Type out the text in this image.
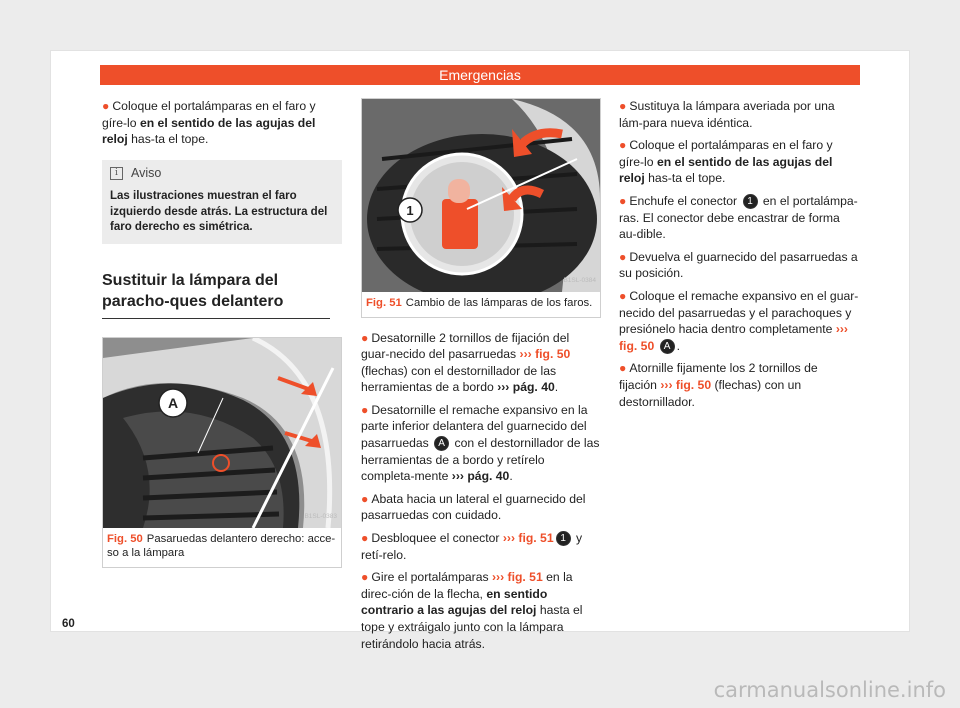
Emergencias

● Coloque el portalámparas en el faro y gíre-lo en el sentido de las agujas del reloj has-ta el tope.

i	Aviso
Las ilustraciones muestran el faro izquierdo desde atrás. La estructura del faro derecho es simétrica.
Sustituir la lámpara del paracho-ques delantero
A
B1SL-0383
Fig. 50 Pasaruedas delantero derecho: acce-so a la lámpara
1
B1SL-0384
Fig. 51 Cambio de las lámparas de los faros.

● Desatornille 2 tornillos de fijación del guar-necido del pasarruedas ››› fig. 50 (flechas) con el destornillador de las herramientas de a bordo ››› pág. 40.

● Desatornille el remache expansivo en la parte inferior delantera del guarnecido del pasarruedas A con el destornillador de las herramientas de a bordo y retírelo completa-mente ››› pág. 40.

● Abata hacia un lateral el guarnecido del pasarruedas con cuidado.

● Desbloquee el conector ››› fig. 51 1 y retí-relo.

● Gire el portalámparas ››› fig. 51 en la direc-ción de la flecha, en sentido contrario a las agujas del reloj hasta el tope y extráigalo junto con la lámpara retirándolo hacia atrás.

● Sustituya la lámpara averiada por una lám-para nueva idéntica.

● Coloque el portalámparas en el faro y gíre-lo en el sentido de las agujas del reloj has-ta el tope.

● Enchufe el conector 1 en el portalámpa-ras. El conector debe encastrar de forma au-dible.

● Devuelva el guarnecido del pasarruedas a su posición.

● Coloque el remache expansivo en el guar-necido del pasarruedas y el parachoques y presiónelo hacia dentro completamente ››› fig. 50 A .

● Atornille fijamente los 2 tornillos de fijación ››› fig. 50 (flechas) con un destornillador.

60
carmanualsonline.info
